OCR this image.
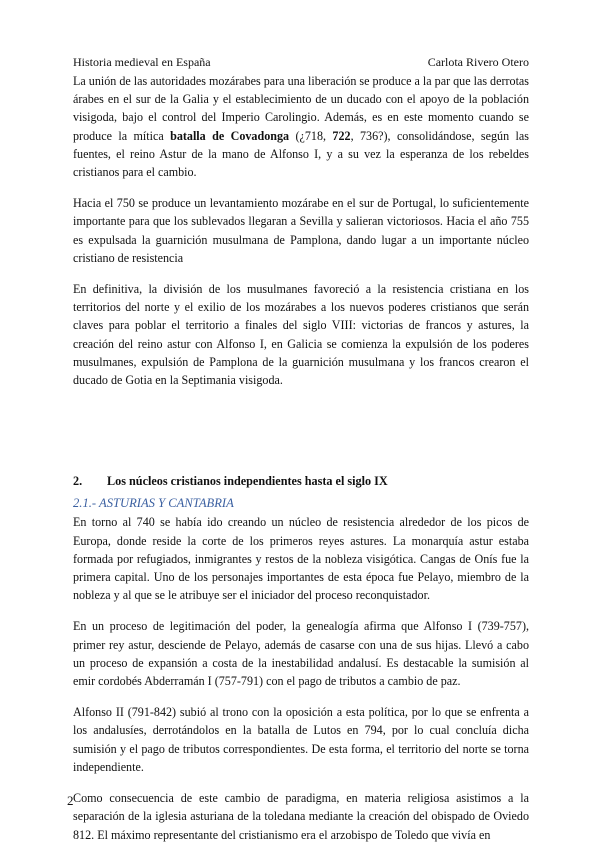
Historia medieval en España	Carlota Rivero Otero

La unión de las autoridades mozárabes para una liberación se produce a la par que las derrotas árabes en el sur de la Galia y el establecimiento de un ducado con el apoyo de la población visigoda, bajo el control del Imperio Carolingio. Además, es en este momento cuando se produce la mítica batalla de Covadonga (¿718, 722, 736?), consolidándose, según las fuentes, el reino Astur de la mano de Alfonso I, y a su vez la esperanza de los rebeldes cristianos para el cambio.

Hacia el 750 se produce un levantamiento mozárabe en el sur de Portugal, lo suficientemente importante para que los sublevados llegaran a Sevilla y salieran victoriosos. Hacia el año 755 es expulsada la guarnición musulmana de Pamplona, dando lugar a un importante núcleo cristiano de resistencia

En definitiva, la división de los musulmanes favoreció a la resistencia cristiana en los territorios del norte y el exilio de los mozárabes a los nuevos poderes cristianos que serán claves para poblar el territorio a finales del siglo VIII: victorias de francos y astures, la creación del reino astur con Alfonso I, en Galicia se comienza la expulsión de los poderes musulmanes, expulsión de Pamplona de la guarnición musulmana y los francos crearon el ducado de Gotia en la Septimania visigoda.

2.	Los núcleos cristianos independientes hasta el siglo IX
2.1.- ASTURIAS Y CANTABRIA

En torno al 740 se había ido creando un núcleo de resistencia alrededor de los picos de Europa, donde reside la corte de los primeros reyes astures. La monarquía astur estaba formada por refugiados, inmigrantes y restos de la nobleza visigótica. Cangas de Onís fue la primera capital. Uno de los personajes importantes de esta época fue Pelayo, miembro de la nobleza y al que se le atribuye ser el iniciador del proceso reconquistador.

En un proceso de legitimación del poder, la genealogía afirma que Alfonso I (739-757), primer rey astur, desciende de Pelayo, además de casarse con una de sus hijas. Llevó a cabo un proceso de expansión a costa de la inestabilidad andalusí. Es destacable la sumisión al emir cordobés Abderramán I (757-791) con el pago de tributos a cambio de paz.

Alfonso II (791-842) subió al trono con la oposición a esta política, por lo que se enfrenta a los andalusíes, derrotándolos en la batalla de Lutos en 794, por lo cual concluía dicha sumisión y el pago de tributos correspondientes. De esta forma, el territorio del norte se torna independiente.

Como consecuencia de este cambio de paradigma, en materia religiosa asistimos a la separación de la iglesia asturiana de la toledana mediante la creación del obispado de Oviedo 812. El máximo representante del cristianismo era el arzobispo de Toledo que vivía en

2
